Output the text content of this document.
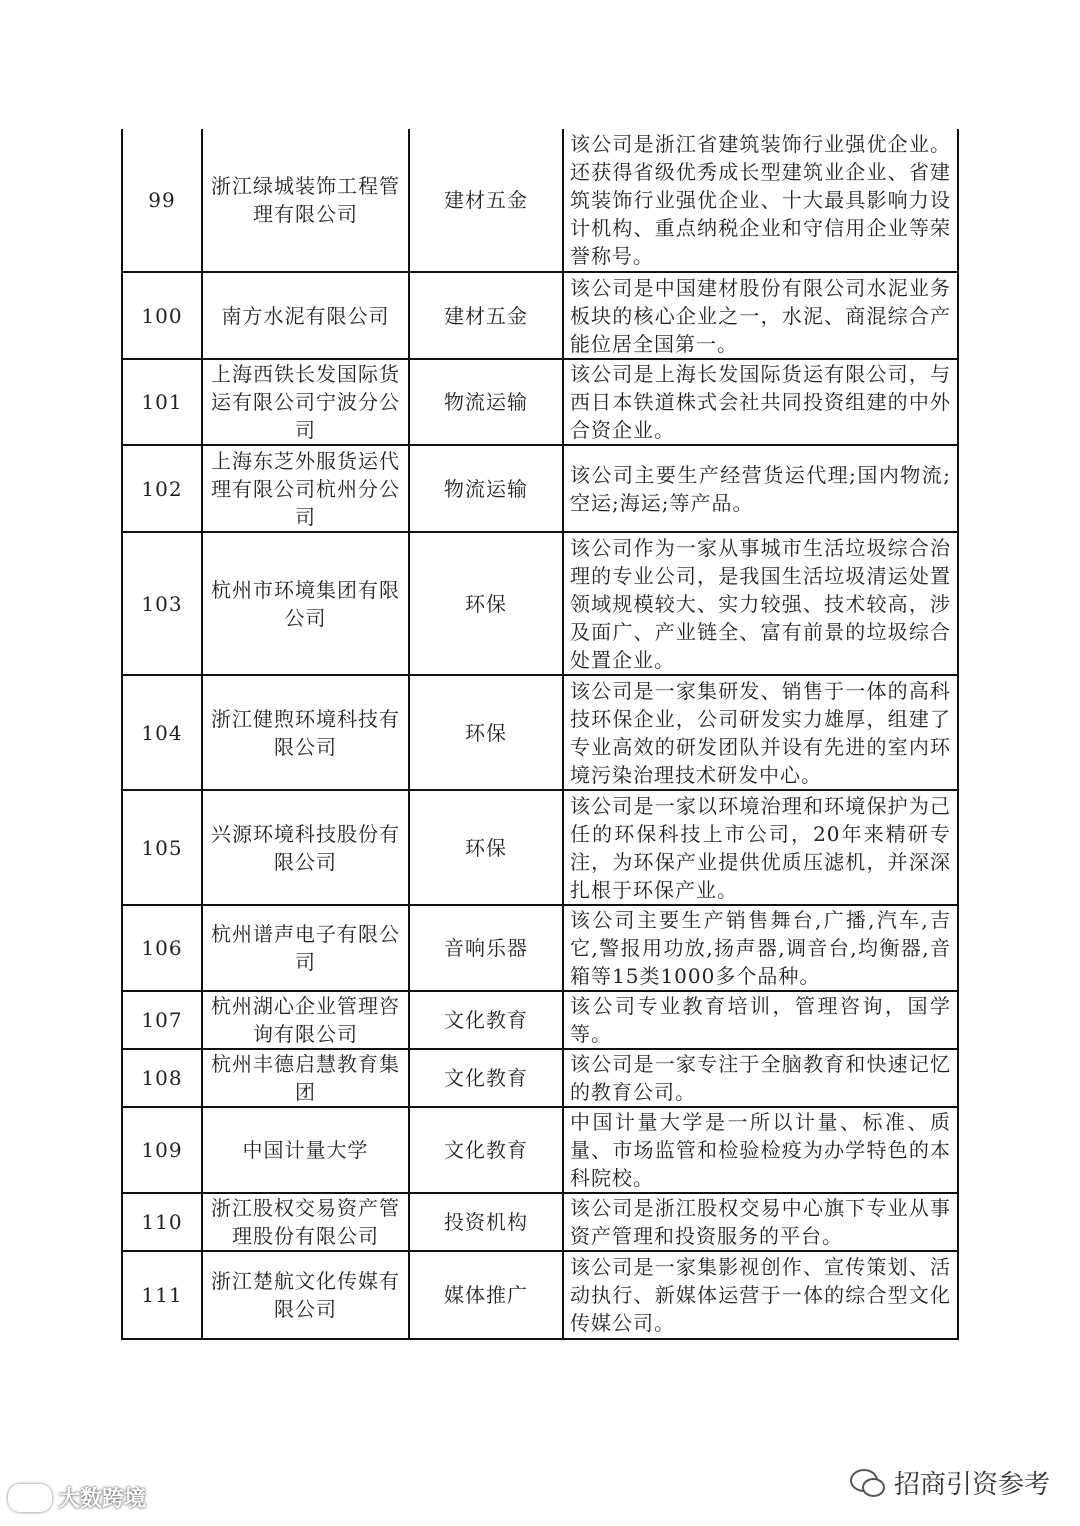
99	浙江绿城装饰工程管理有限公司	建材五金	该公司是浙江省建筑装饰行业强优企业。还获得省级优秀成长型建筑业企业、省建筑装饰行业强优企业、十大最具影响力设计机构、重点纳税企业和守信用企业等荣誉称号。
100	南方水泥有限公司	建材五金	该公司是中国建材股份有限公司水泥业务板块的核心企业之一，水泥、商混综合产能位居全国第一。
101	上海西铁长发国际货运有限公司宁波分公司	物流运输	该公司是上海长发国际货运有限公司，与西日本铁道株式会社共同投资组建的中外合资企业。
102	上海东芝外服货运代理有限公司杭州分公司	物流运输	该公司主要生产经营货运代理;国内物流;空运;海运;等产品。
103	杭州市环境集团有限公司	环保	该公司作为一家从事城市生活垃圾综合治理的专业公司，是我国生活垃圾清运处置领域规模较大、实力较强、技术较高，涉及面广、产业链全、富有前景的垃圾综合处置企业。
104	浙江健煦环境科技有限公司	环保	该公司是一家集研发、销售于一体的高科技环保企业，公司研发实力雄厚，组建了专业高效的研发团队并设有先进的室内环境污染治理技术研发中心。
105	兴源环境科技股份有限公司	环保	该公司是一家以环境治理和环境保护为己任的环保科技上市公司，20年来精研专注，为环保产业提供优质压滤机，并深深扎根于环保产业。
106	杭州谱声电子有限公司	音响乐器	该公司主要生产销售舞台,广播,汽车,吉它,警报用功放,扬声器,调音台,均衡器,音箱等15类1000多个品种。
107	杭州湖心企业管理咨询有限公司	文化教育	该公司专业教育培训，管理咨询，国学等。
108	杭州丰德启慧教育集团	文化教育	该公司是一家专注于全脑教育和快速记忆的教育公司。
109	中国计量大学	文化教育	中国计量大学是一所以计量、标准、质量、市场监管和检验检疫为办学特色的本科院校。
110	浙江股权交易资产管理股份有限公司	投资机构	该公司是浙江股权交易中心旗下专业从事资产管理和投资服务的平台。
111	浙江楚航文化传媒有限公司	媒体推广	该公司是一家集影视创作、宣传策划、活动执行、新媒体运营于一体的综合型文化传媒公司。
大数跨境	招商引资参考
